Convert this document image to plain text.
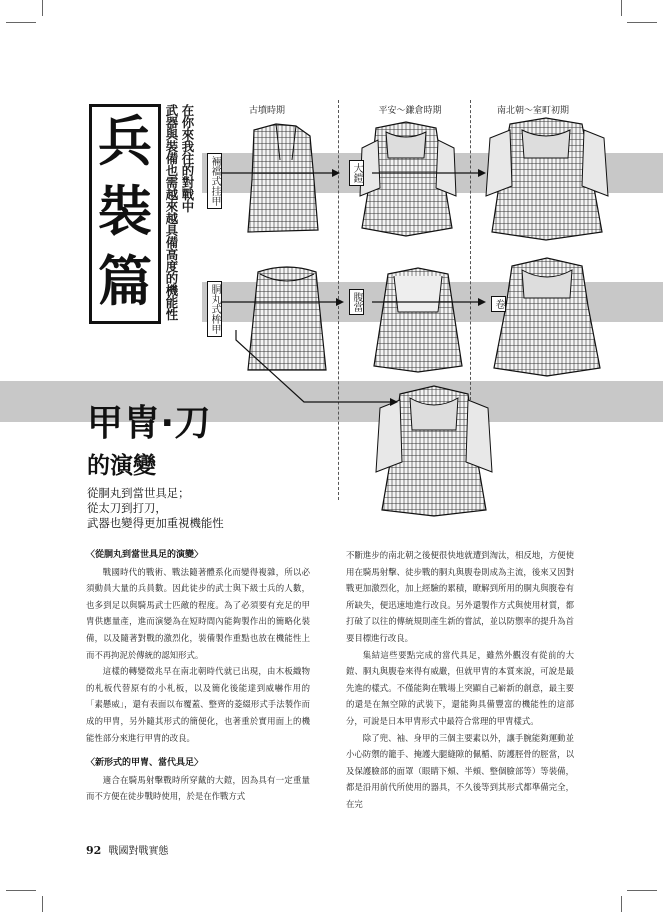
兵
裝
篇
在你來我往的對戰中
武器與裝備也需越來越具備高度的機能性	古墳時期	平安～鎌倉時期	南北朝～室町初期
裲襠式挂甲	大鎧
胴丸式桙甲	腹當	卷
甲冑‧刀
的演變
從胴丸到當世具足；
從太刀到打刀，
武器也變得更加重視機能性
〈從胴丸到當世具足的演變〉

戰國時代的戰術、戰法隨著體系化而變得複雜，所以必須動員大量的兵員數。因此徒步的武士與下級士兵的人數，也多到足以與騎馬武士匹敵的程度。為了必須要有充足的甲冑供應量產，進而演變為在短時間內能夠製作出的簡略化裝備，以及隨著對戰的激烈化，裝備製作重點也放在機能性上而不再拘泥於傳統的認知形式。

這樣的轉變徵兆早在南北朝時代就已出現，由木板織物的札板代替原有的小札板，以及簡化後能達到威嚇作用的「素懸威」，還有表面以布覆蓋、整齊的菱綴形式手法製作而成的甲冑，另外隨其形式的簡便化，也著重於實用面上的機能性部分來進行甲冑的改良。

〈新形式的甲冑、當代具足〉

適合在騎馬射擊戰時所穿戴的大鎧，因為具有一定重量而不方便在徒步戰時使用，於是在作戰方式

不斷進步的南北朝之後便很快地就遭到淘汰，相反地，方便使用在騎馬射擊、徒步戰的胴丸與腹卷則成為主流，後來又因對戰更加激烈化，加上經驗的累積，瞭解到所用的胴丸與腹卷有所缺失，便迅速地進行改良。另外還製作方式與使用材質，都打破了以往的傳統規則產生新的嘗試，並以防禦率的提升為首要目標進行改良。

集結這些要點完成的當代具足，雖然外觀沒有從前的大鎧、胴丸與腹卷來得有威嚴，但就甲冑的本質來說，可說是最先進的樣式。不僅能夠在戰場上突顯自己嶄新的創意，最主要的還是在無空隙的武裝下，還能夠具備豐富的機能性的這部分，可說是日本甲冑形式中最符合常理的甲冑樣式。

除了兜、袖、身甲的三個主要素以外，讓手腕能夠運動並小心防禦的籠手、掩護大腿縫隙的佩楯、防護脛骨的脛當，以及保護臉部的面罩（眼睛下頰、半頰、整個臉部等）等裝備，都是沿用前代所使用的器具，不久後等到其形式都準備完全，在完

92 戰國對戰實態
